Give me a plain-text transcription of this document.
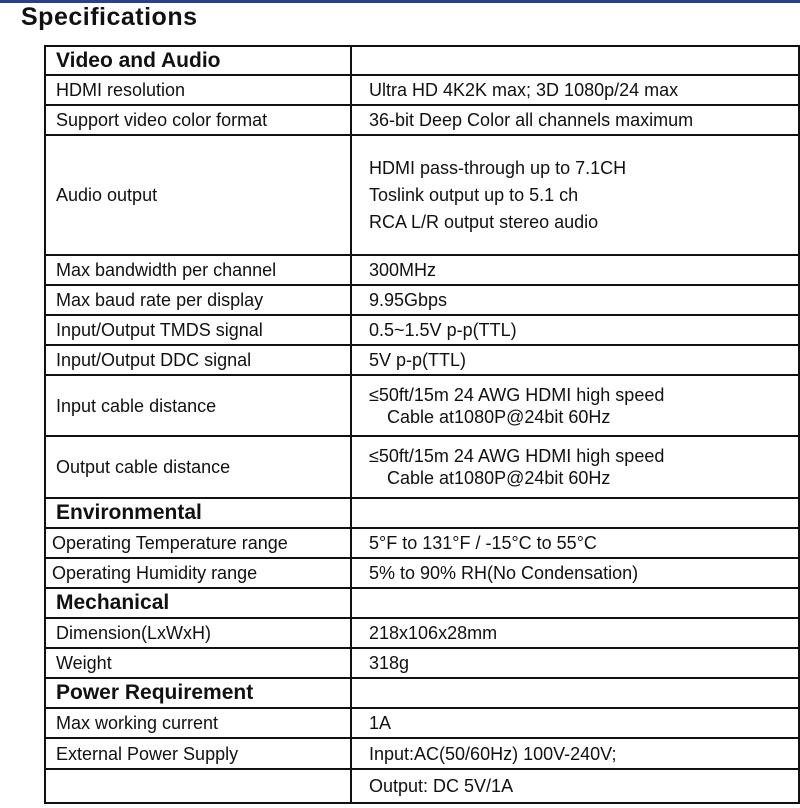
Specifications
Video and Audio	
HDMI resolution	Ultra HD 4K2K max; 3D 1080p/24 max
Support video color format	36-bit Deep Color all channels maximum
Audio output	HDMI pass-through up to 7.1CH
Toslink output up to 5.1 ch
RCA L/R output stereo audio

Max bandwidth per channel	300MHz
Max baud rate per display	9.95Gbps
Input/Output TMDS signal	0.5~1.5V p-p(TTL)
Input/Output DDC signal	5V p-p(TTL)
Input cable distance	≤50ft/15m 24 AWG HDMI high speed
Cable at1080P@24bit 60Hz

Output cable distance	≤50ft/15m 24 AWG HDMI high speed
Cable at1080P@24bit 60Hz

Environmental	
Operating Temperature range	5°F to 131°F / -15°C to 55°C
Operating Humidity range	5% to 90% RH(No Condensation)
Mechanical	
Dimension(LxWxH)	218x106x28mm
Weight	318g
Power Requirement	
Max working current	1A
External Power Supply	Input:AC(50/60Hz) 100V-240V;
	Output: DC 5V/1A
